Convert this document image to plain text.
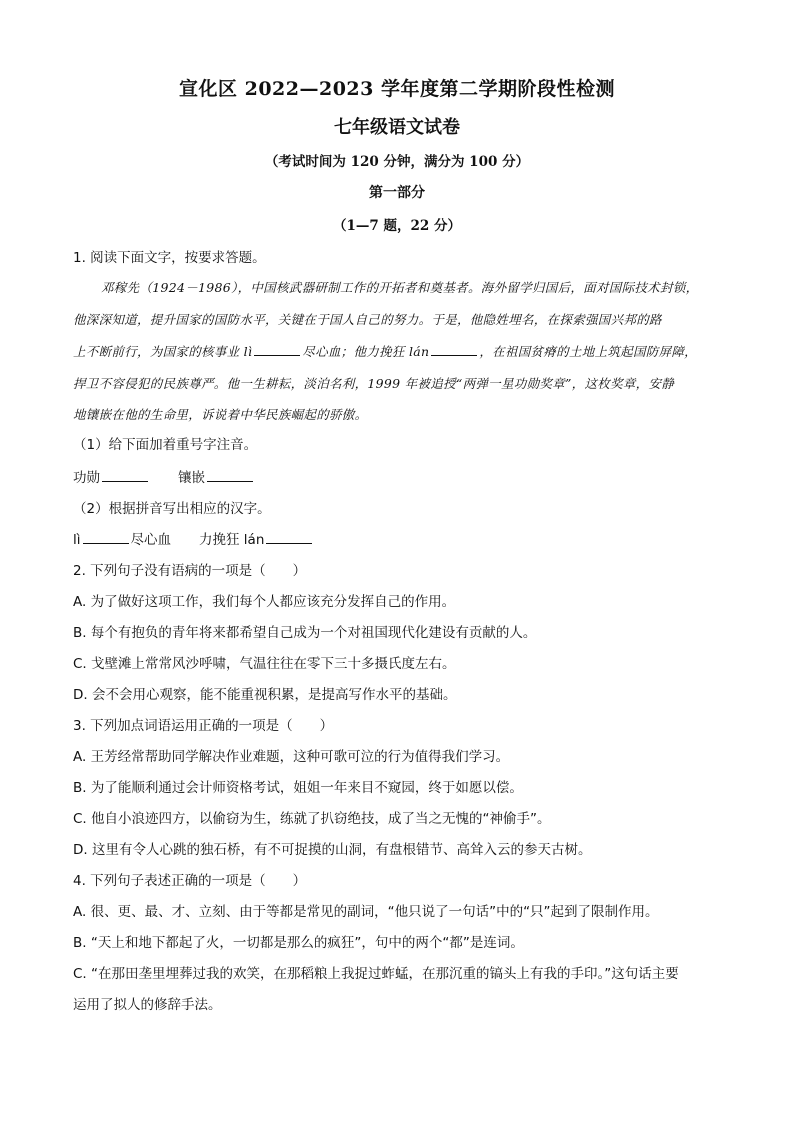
宣化区 2022—2023 学年度第二学期阶段性检测
七年级语文试卷
（考试时间为 120 分钟，满分为 100 分）
第一部分
（1—7 题，22 分）
1. 阅读下面文字，按要求答题。
邓稼先（1924－1986），中国核武器研制工作的开拓者和奠基者。海外留学归国后，面对国际技术封锁，
他深深知道，提升国家的国防水平，关键在于国人自己的努力。于是，他隐姓埋名，在探索强国兴邦的路
上不断前行，为国家的核事业 lì	尽心血；他力挽狂 lán	，在祖国贫瘠的土地上筑起国防屏障，
捍卫不容侵犯的民族尊严。他一生耕耘，淡泊名利，1999 年被追授“两弹一星功勋奖章”，这枚奖章，安静
地镶嵌在他的生命里，诉说着中华民族崛起的骄傲。
（1）给下面加着重号字注音。
功勋	镶嵌
（2）根据拼音写出相应的汉字。
lì	尽心血 力挽狂 lán
2. 下列句子没有语病的一项是（　　）
A. 为了做好这项工作，我们每个人都应该充分发挥自己的作用。
B. 每个有抱负的青年将来都希望自己成为一个对祖国现代化建设有贡献的人。
C. 戈壁滩上常常风沙呼啸，气温往往在零下三十多摄氏度左右。
D. 会不会用心观察，能不能重视积累，是提高写作水平的基础。
3. 下列加点词语运用正确的一项是（　　）
A. 王芳经常帮助同学解决作业难题，这种可歌可泣的行为值得我们学习。
B. 为了能顺利通过会计师资格考试，姐姐一年来目不窥园，终于如愿以偿。
C. 他自小浪迹四方，以偷窃为生，练就了扒窃绝技，成了当之无愧的“神偷手”。
D. 这里有令人心跳的独石桥，有不可捉摸的山洞，有盘根错节、高耸入云的参天古树。
4. 下列句子表述正确的一项是（　　）
A. 很、更、最、才、立刻、由于等都是常见的副词，“他只说了一句话”中的“只”起到了限制作用。
B. “天上和地下都起了火，一切都是那么的疯狂”，句中的两个“都”是连词。
C. “在那田垄里埋葬过我的欢笑，在那稻粮上我捉过蚱蜢，在那沉重的镐头上有我的手印。”这句话主要
运用了拟人的修辞手法。
